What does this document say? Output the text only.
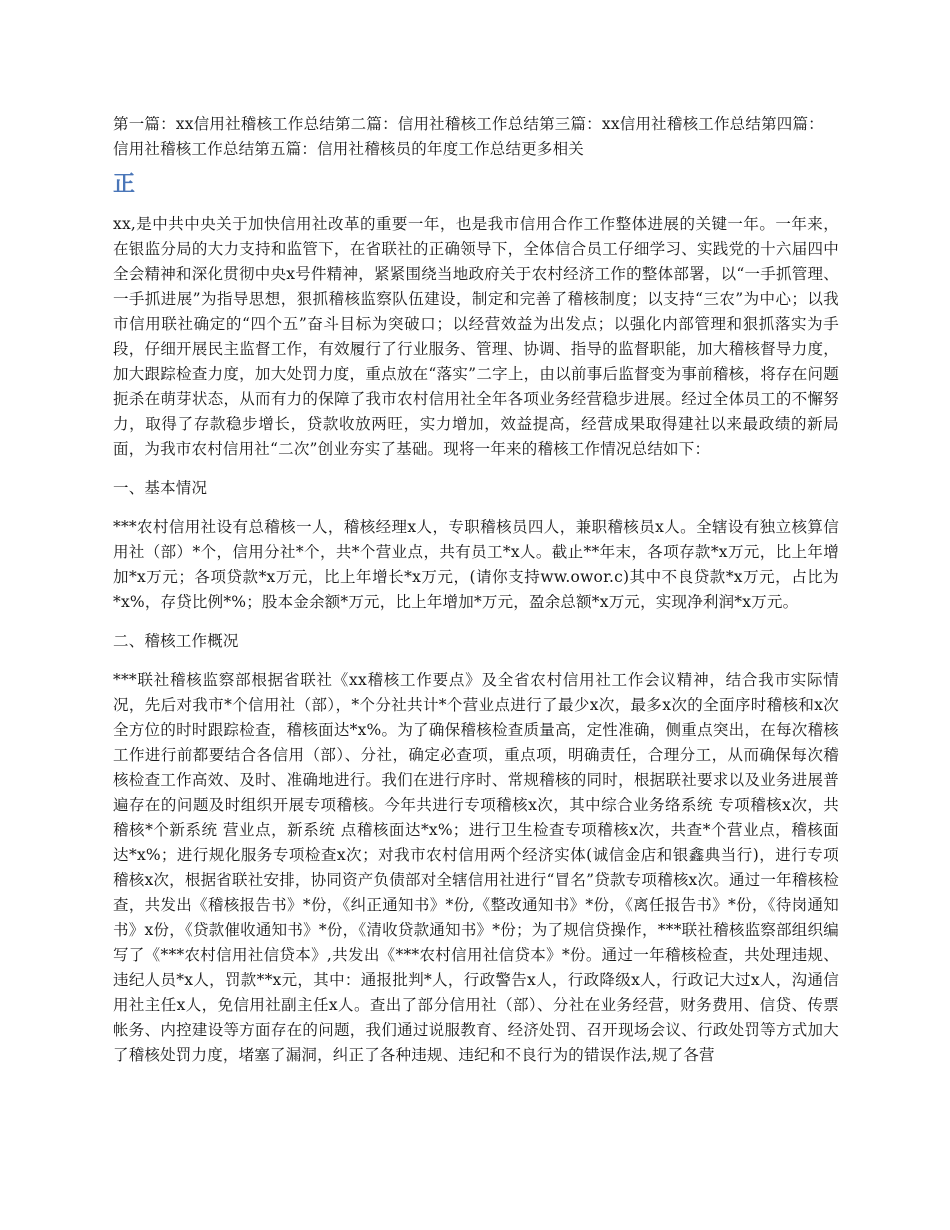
第一篇：xx信用社稽核工作总结第二篇：信用社稽核工作总结第三篇：xx信用社稽核工作总结第四篇：信用社稽核工作总结第五篇：信用社稽核员的年度工作总结更多相关

正

xx,是中共中央关于加快信用社改革的重要一年，也是我市信用合作工作整体进展的关键一年。一年来，在银监分局的大力支持和监管下，在省联社的正确领导下，全体信合员工仔细学习、实践党的十六届四中全会精神和深化贯彻中央x号件精神，紧紧围绕当地政府关于农村经济工作的整体部署，以“一手抓管理、一手抓进展”为指导思想，狠抓稽核监察队伍建设，制定和完善了稽核制度；以支持“三农”为中心；以我市信用联社确定的“四个五”奋斗目标为突破口；以经营效益为出发点；以强化内部管理和狠抓落实为手段，仔细开展民主监督工作，有效履行了行业服务、管理、协调、指导的监督职能，加大稽核督导力度，加大跟踪检查力度，加大处罚力度，重点放在“落实”二字上，由以前事后监督变为事前稽核，将存在问题扼杀在萌芽状态，从而有力的保障了我市农村信用社全年各项业务经营稳步进展。经过全体员工的不懈努力，取得了存款稳步增长，贷款收放两旺，实力增加，效益提高，经营成果取得建社以来最政绩的新局面，为我市农村信用社“二次”创业夯实了基础。现将一年来的稽核工作情况总结如下：

一、基本情况

***农村信用社设有总稽核一人，稽核经理x人，专职稽核员四人，兼职稽核员x人。全辖设有独立核算信用社（部）*个，信用分社*个，共*个营业点，共有员工*x人。截止**年末，各项存款*x万元，比上年增加*x万元；各项贷款*x万元，比上年增长*x万元，(请你支持ww.owor.c)其中不良贷款*x万元，占比为*x%，存贷比例*%；股本金余额*万元，比上年增加*万元，盈余总额*x万元，实现净利润*x万元。

二、稽核工作概况

***联社稽核监察部根据省联社《xx稽核工作要点》及全省农村信用社工作会议精神，结合我市实际情况，先后对我市*个信用社（部），*个分社共计*个营业点进行了最少x次，最多x次的全面序时稽核和x次全方位的时时跟踪检查，稽核面达*x%。为了确保稽核检查质量高，定性准确，侧重点突出，在每次稽核工作进行前都要结合各信用（部）、分社，确定必查项，重点项，明确责任，合理分工，从而确保每次稽核检查工作高效、及时、准确地进行。我们在进行序时、常规稽核的同时，根据联社要求以及业务进展普遍存在的问题及时组织开展专项稽核。今年共进行专项稽核x次，其中综合业务络系统 专项稽核x次，共稽核*个新系统 营业点，新系统 点稽核面达*x%；进行卫生检查专项稽核x次，共查*个营业点，稽核面达*x%；进行规化服务专项检查x次；对我市农村信用两个经济实体(诚信金店和银鑫典当行)，进行专项稽核x次，根据省联社安排，协同资产负债部对全辖信用社进行“冒名”贷款专项稽核x次。通过一年稽核检查，共发出《稽核报告书》*份，《纠正通知书》*份,《整改通知书》*份，《离任报告书》*份，《待岗通知书》x份，《贷款催收通知书》*份，《清收贷款通知书》*份；为了规信贷操作，***联社稽核监察部组织编写了《***农村信用社信贷本》,共发出《***农村信用社信贷本》*份。通过一年稽核检查，共处理违规、违纪人员*x人，罚款**x元，其中：通报批判*人，行政警告x人，行政降级x人，行政记大过x人，沟通信用社主任x人，免信用社副主任x人。查出了部分信用社（部）、分社在业务经营，财务费用、信贷、传票帐务、内控建设等方面存在的问题，我们通过说服教育、经济处罚、召开现场会议、行政处罚等方式加大了稽核处罚力度，堵塞了漏洞，纠正了各种违规、违纪和不良行为的错误作法,规了各营
